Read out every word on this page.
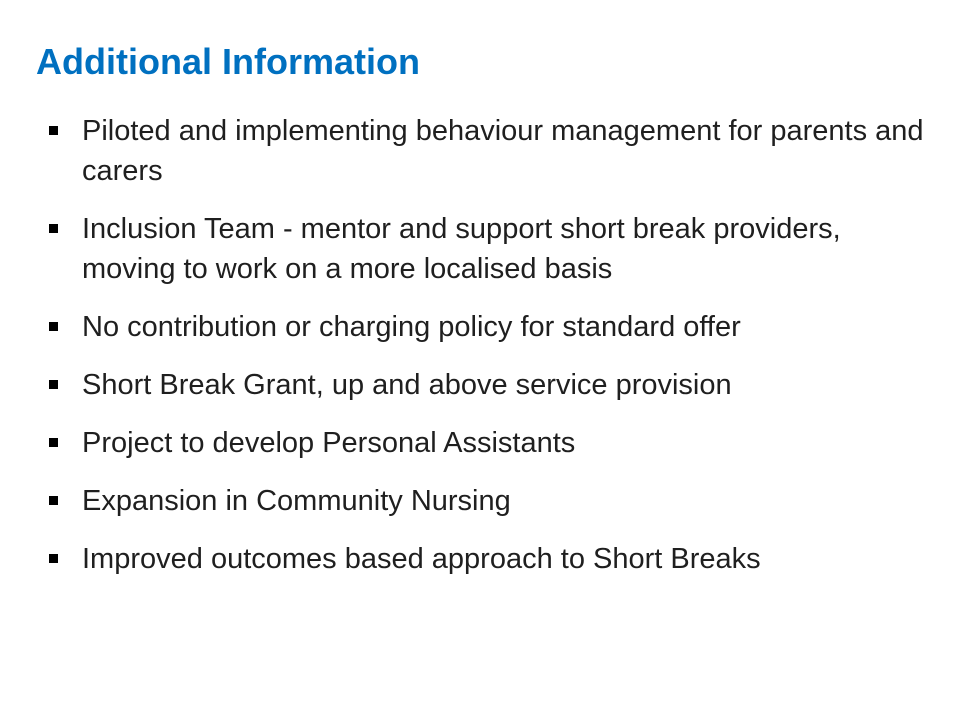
Additional Information
Piloted and implementing behaviour management for parents and carers
Inclusion Team - mentor and support short break providers, moving to work on a more localised basis
No contribution or charging policy for standard offer
Short Break Grant, up and above service provision
Project to develop Personal Assistants
Expansion in Community Nursing
Improved outcomes based approach to Short Breaks
